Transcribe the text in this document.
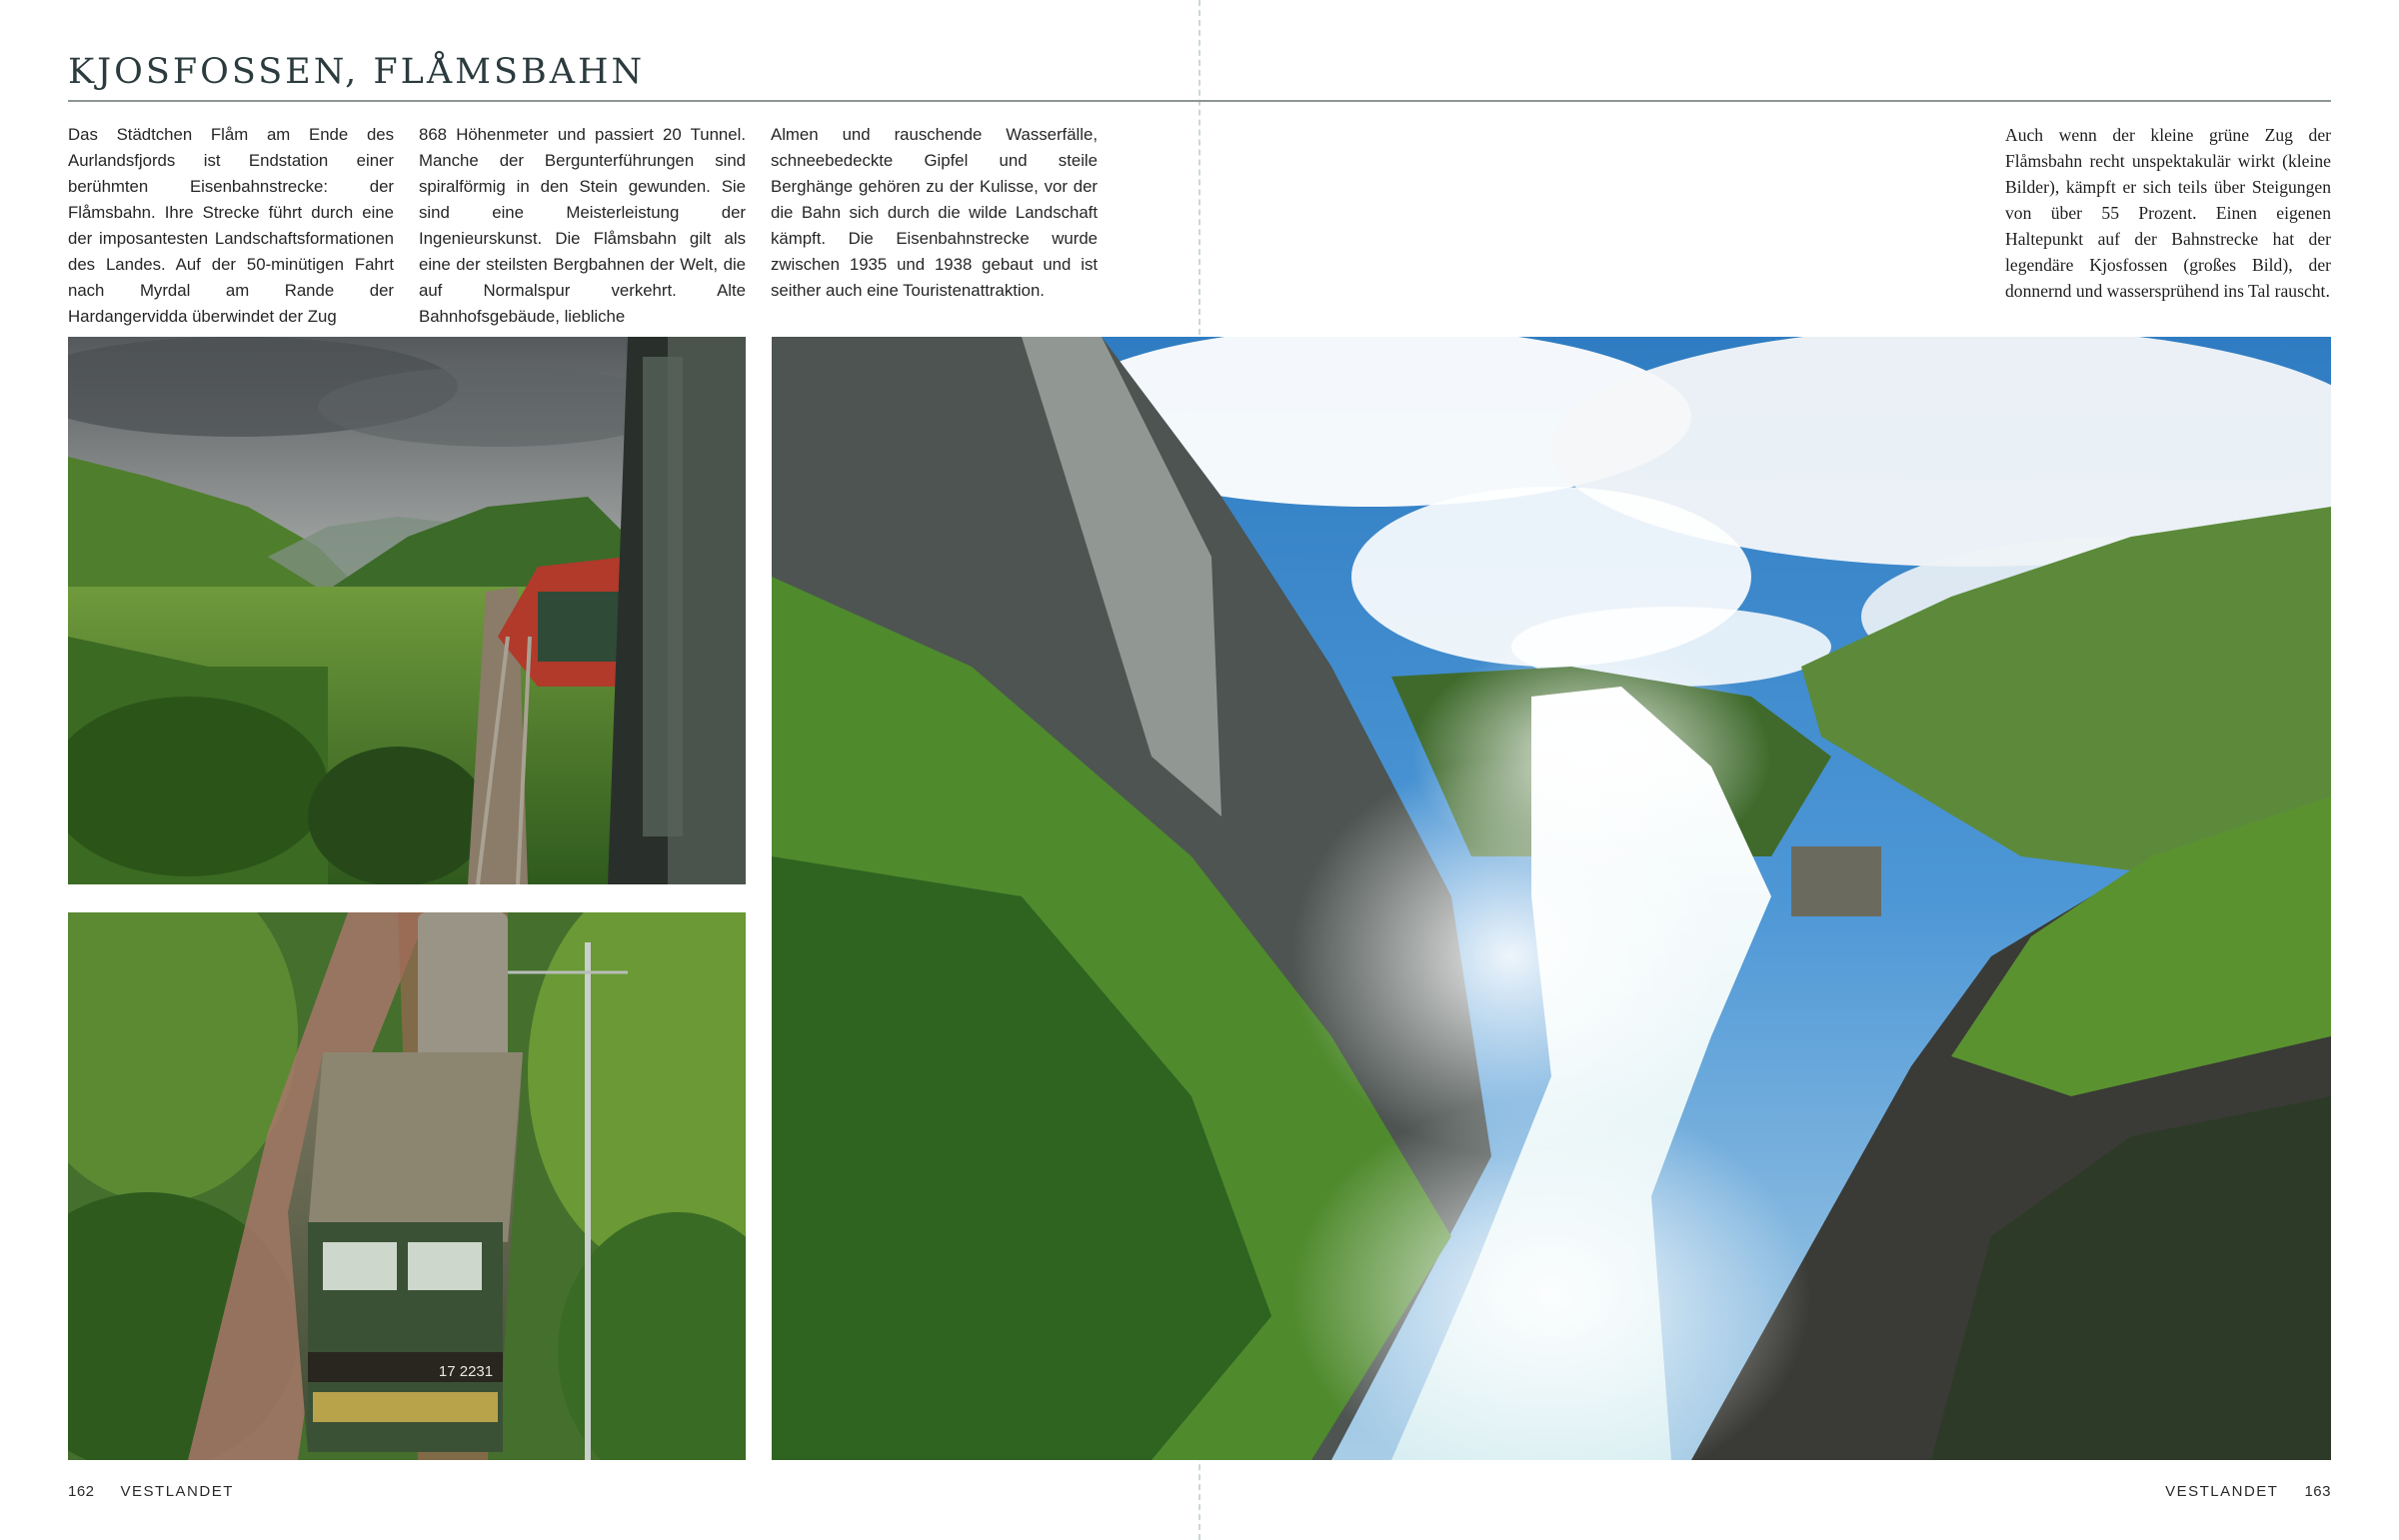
KJOSFOSSEN, FLÅMSBAHN

Das Städtchen Flåm am Ende des Aurlandsfjords ist Endstation einer berühmten Eisenbahnstrecke: der Flåmsbahn. Ihre Strecke führt durch eine der imposantesten Landschaftsformationen des Landes. Auf der 50-minütigen Fahrt nach Myrdal am Rande der Hardangervidda überwindet der Zug

868 Höhenmeter und passiert 20 Tunnel. Manche der Bergunterführungen sind spiralförmig in den Stein gewunden. Sie sind eine Meisterleistung der Ingenieurskunst. Die Flåmsbahn gilt als eine der steilsten Bergbahnen der Welt, die auf Normalspur verkehrt. Alte Bahnhofsgebäude, liebliche

Almen und rauschende Wasserfälle, schneebedeckte Gipfel und steile Berghänge gehören zu der Kulisse, vor der die Bahn sich durch die wilde Landschaft kämpft. Die Eisenbahnstrecke wurde zwischen 1935 und 1938 gebaut und ist seither auch eine Touristenattraktion.

Auch wenn der kleine grüne Zug der Flåmsbahn recht unspektakulär wirkt (kleine Bilder), kämpft er sich teils über Steigungen von über 55 Prozent. Einen eigenen Haltepunkt auf der Bahnstrecke hat der legendäre Kjosfossen (großes Bild), der donnernd und wassersprühend ins Tal rauscht.

17 2231
162 VESTLANDET	VESTLANDET 163
